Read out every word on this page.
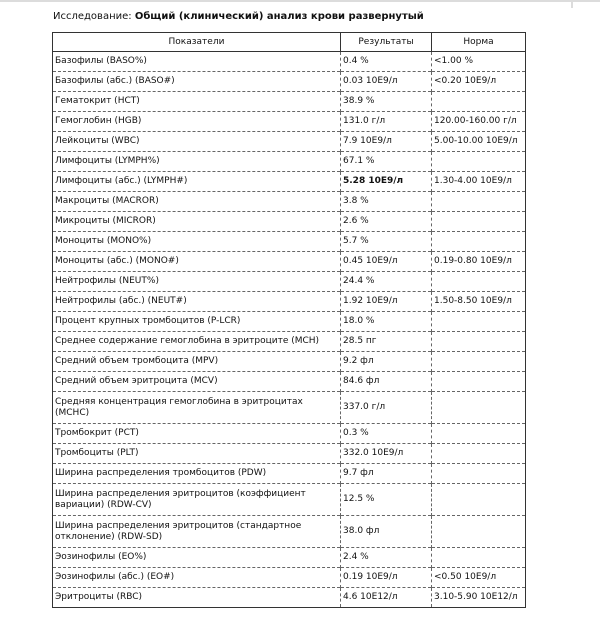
Исследование: Общий (клинический) анализ крови развернутый
Показатели	Результаты	Норма
Базофилы (BASO%)	0.4 %	<1.00 %
Базофилы (абс.) (BASO#)	0.03 10E9/л	<0.20 10E9/л
Гематокрит (HCT)	38.9 %	
Гемоглобин (HGB)	131.0 г/л	120.00-160.00 г/л
Лейкоциты (WBC)	7.9 10E9/л	5.00-10.00 10E9/л
Лимфоциты (LYMPH%)	67.1 %	
Лимфоциты (абс.) (LYMPH#)	5.28 10E9/л	1.30-4.00 10E9/л
Макроциты (MACROR)	3.8 %	
Микроциты (MICROR)	2.6 %	
Моноциты (MONO%)	5.7 %	
Моноциты (абс.) (MONO#)	0.45 10E9/л	0.19-0.80 10E9/л
Нейтрофилы (NEUT%)	24.4 %	
Нейтрофилы (абс.) (NEUT#)	1.92 10E9/л	1.50-8.50 10E9/л
Процент крупных тромбоцитов (P-LCR)	18.0 %	
Среднее содержание гемоглобина в эритроците (MCH)	28.5 пг	
Средний объем тромбоцита (MPV)	9.2 фл	
Средний объем эритроцита (MCV)	84.6 фл	
Средняя концентрация гемоглобина в эритроцитах (MCHC)	337.0 г/л	
Тромбокрит (PCT)	0.3 %	
Тромбоциты (PLT)	332.0 10E9/л	
Ширина распределения тромбоцитов (PDW)	9.7 фл	
Ширина распределения эритроцитов (коэффициент вариации) (RDW-CV)	12.5 %	
Ширина распределения эритроцитов (стандартное отклонение) (RDW-SD)	38.0 фл	
Эозинофилы (EO%)	2.4 %	
Эозинофилы (абс.) (EO#)	0.19 10E9/л	<0.50 10E9/л
Эритроциты (RBC)	4.6 10E12/л	3.10-5.90 10E12/л
